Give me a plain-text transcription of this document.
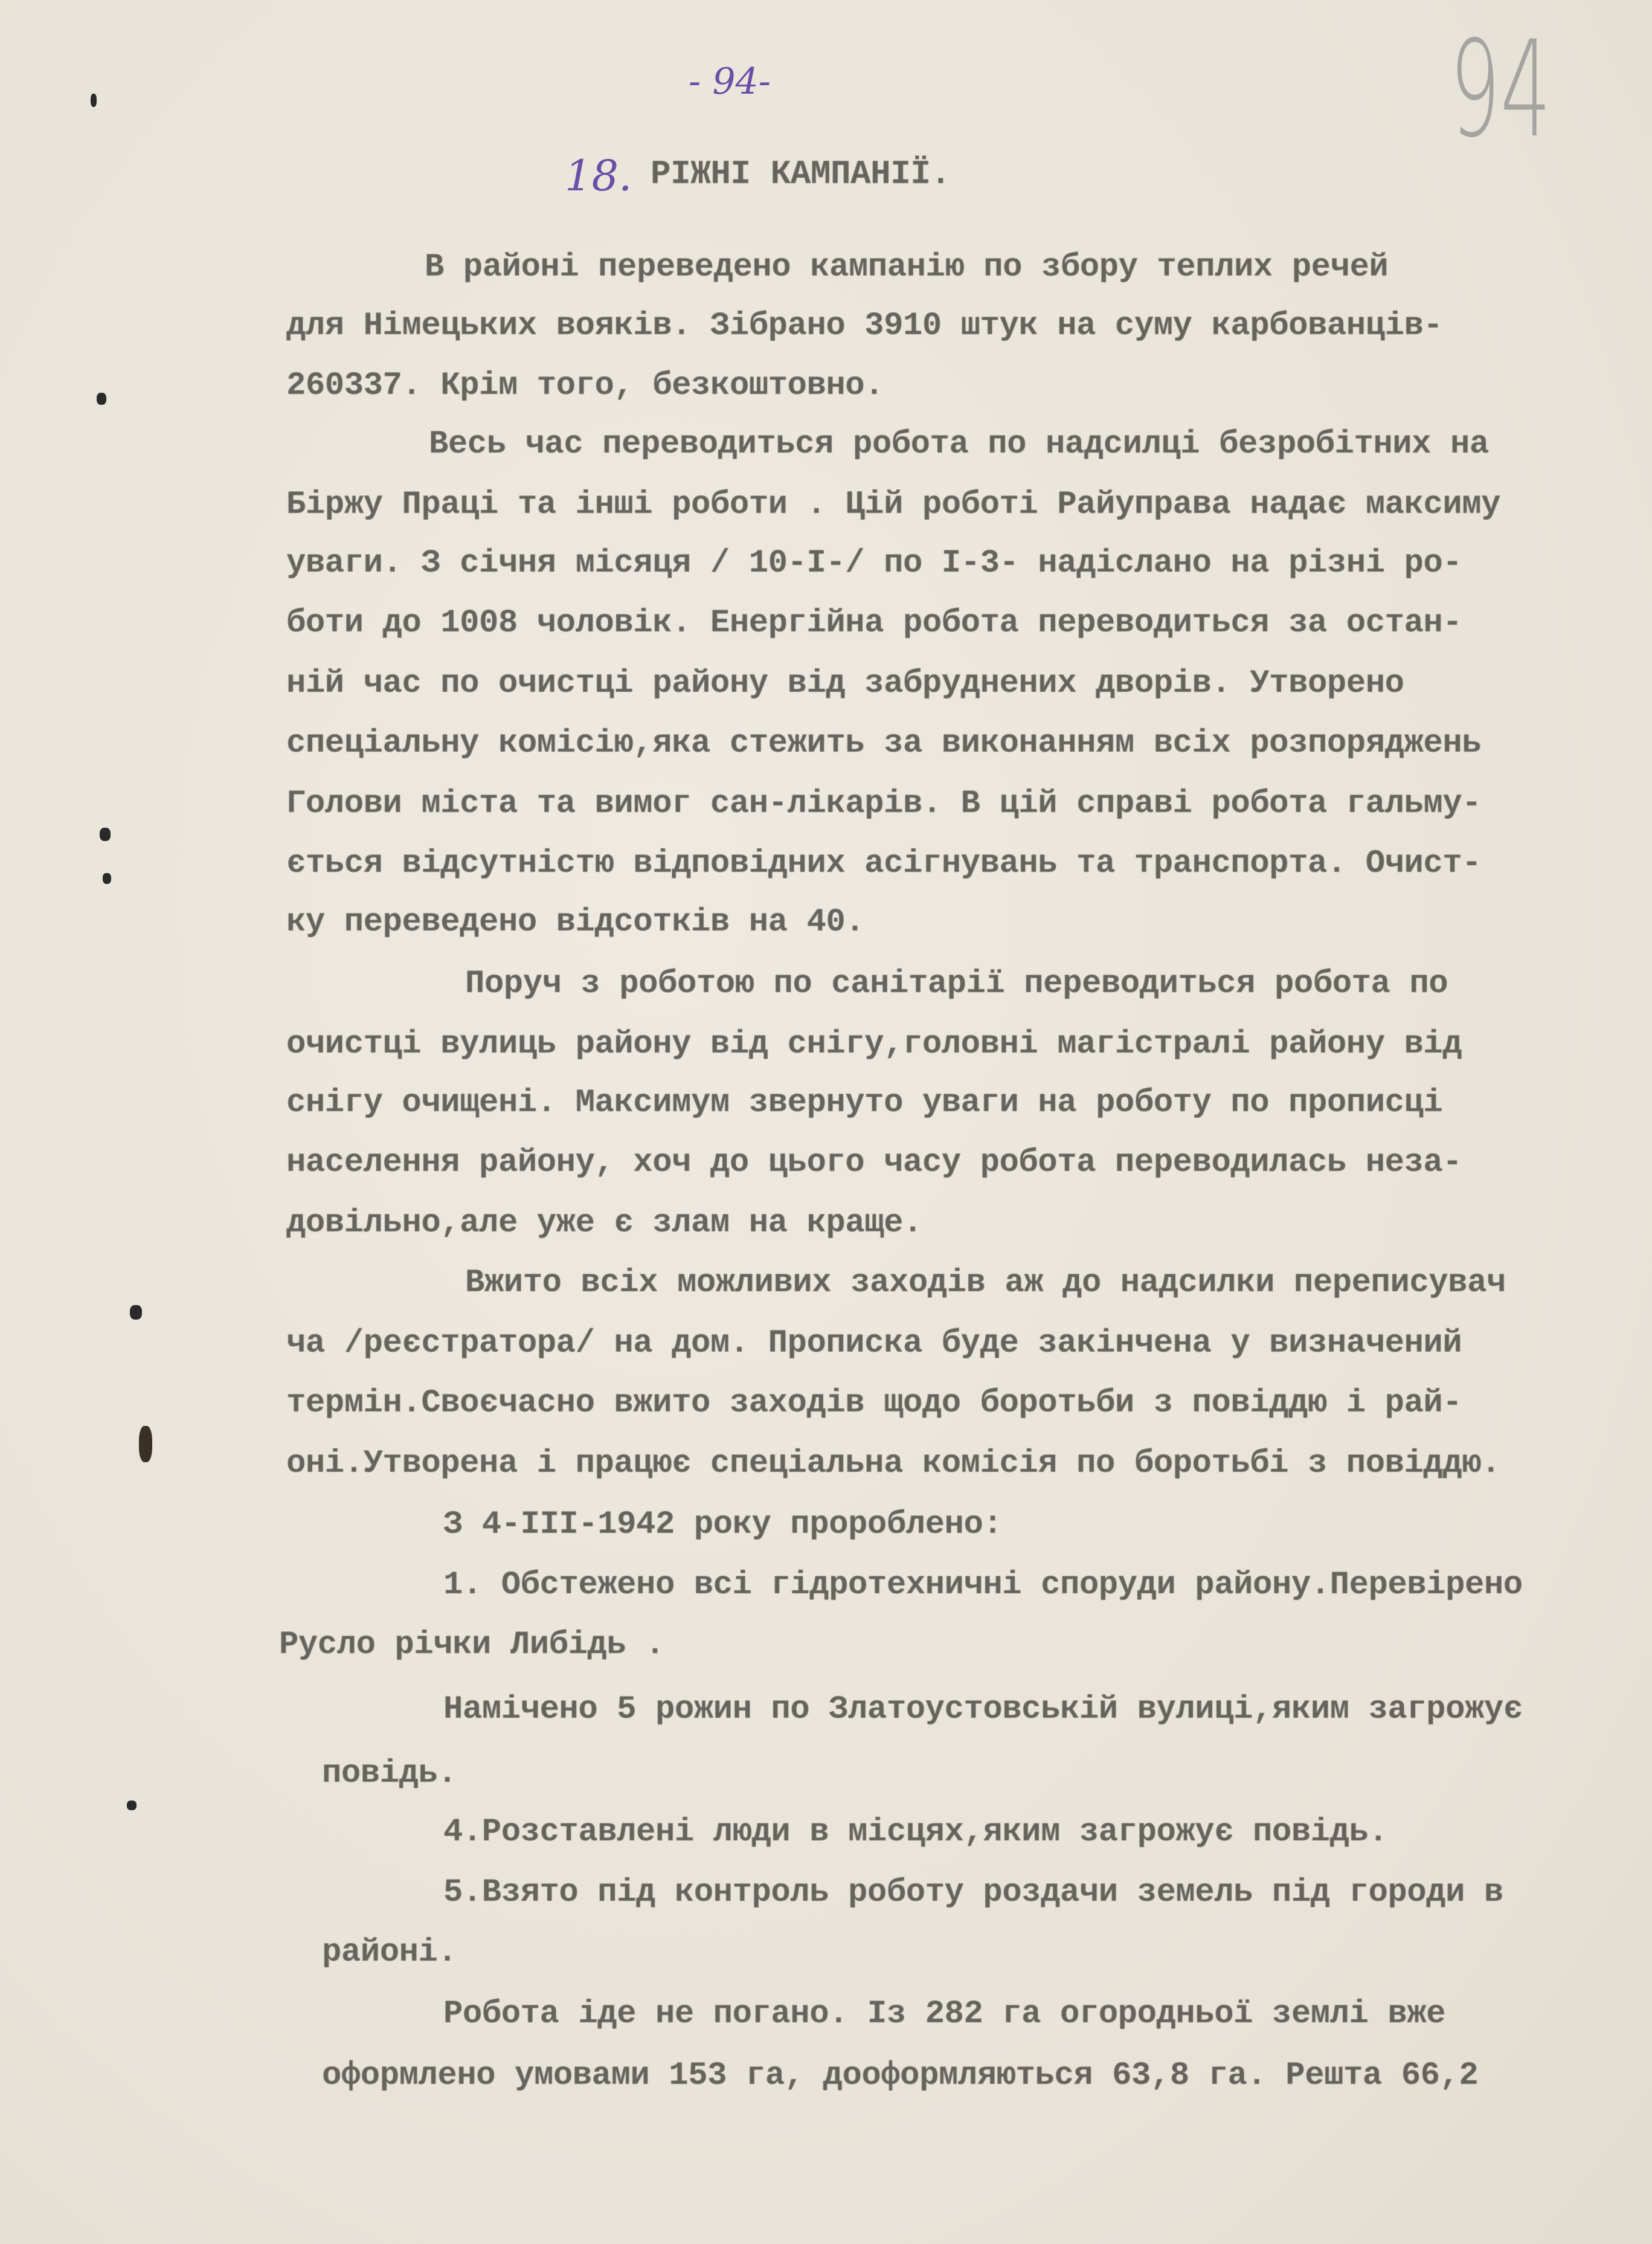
- 94-	94
18. РІЖНІ КАМПАНІЇ.
В районі переведено кампанію по збору теплих речей
для Німецьких вояків. Зібрано 3910 штук на суму карбованців-
260337. Крім того, безкоштовно.
Весь час переводиться робота по надсилці безробітних на
Біржу Праці та інші роботи . Цій роботі Райуправа надає максиму
уваги. З січня місяця / 10-I-/ по I-3- надіслано на різні ро-
боти до 1008 чоловік. Енергійна робота переводиться за остан-
ній час по очистці району від забруднених дворів. Утворено
спеціальну комісію,яка стежить за виконанням всіх розпоряджень
Голови міста та вимог сан-лікарів. В цій справі робота гальму-
ється відсутністю відповідних асігнувань та транспорта. Очист-
ку переведено відсотків на 40.
Поруч з роботою по санітарії переводиться робота по
очистці вулиць району від снігу,головні магістралі району від
снігу очищені. Максимум звернуто уваги на роботу по прописці
населення району, хоч до цього часу робота переводилась неза-
довільно,але уже є злам на краще.
Вжито всіх можливих заходів аж до надсилки переписувач
ча /реєстратора/ на дом. Прописка буде закінчена у визначений
термін.Своєчасно вжито заходів щодо боротьби з повіддю і рай-
оні.Утворена і працює спеціальна комісія по боротьбі з повіддю.
З 4-III-1942 року пророблено:
1. Обстежено всі гідротехничні споруди району.Перевірено
Русло річки Либідь .
Намічено 5 рожин по Златоустовській вулиці,яким загрожує
повідь.
4.Розставлені люди в місцях,яким загрожує повідь.
5.Взято під контроль роботу роздачи земель під городи в
районі.
Робота іде не погано. Із 282 га огородньої землі вже
оформлено умовами 153 га, дооформляються 63,8 га. Решта 66,2
